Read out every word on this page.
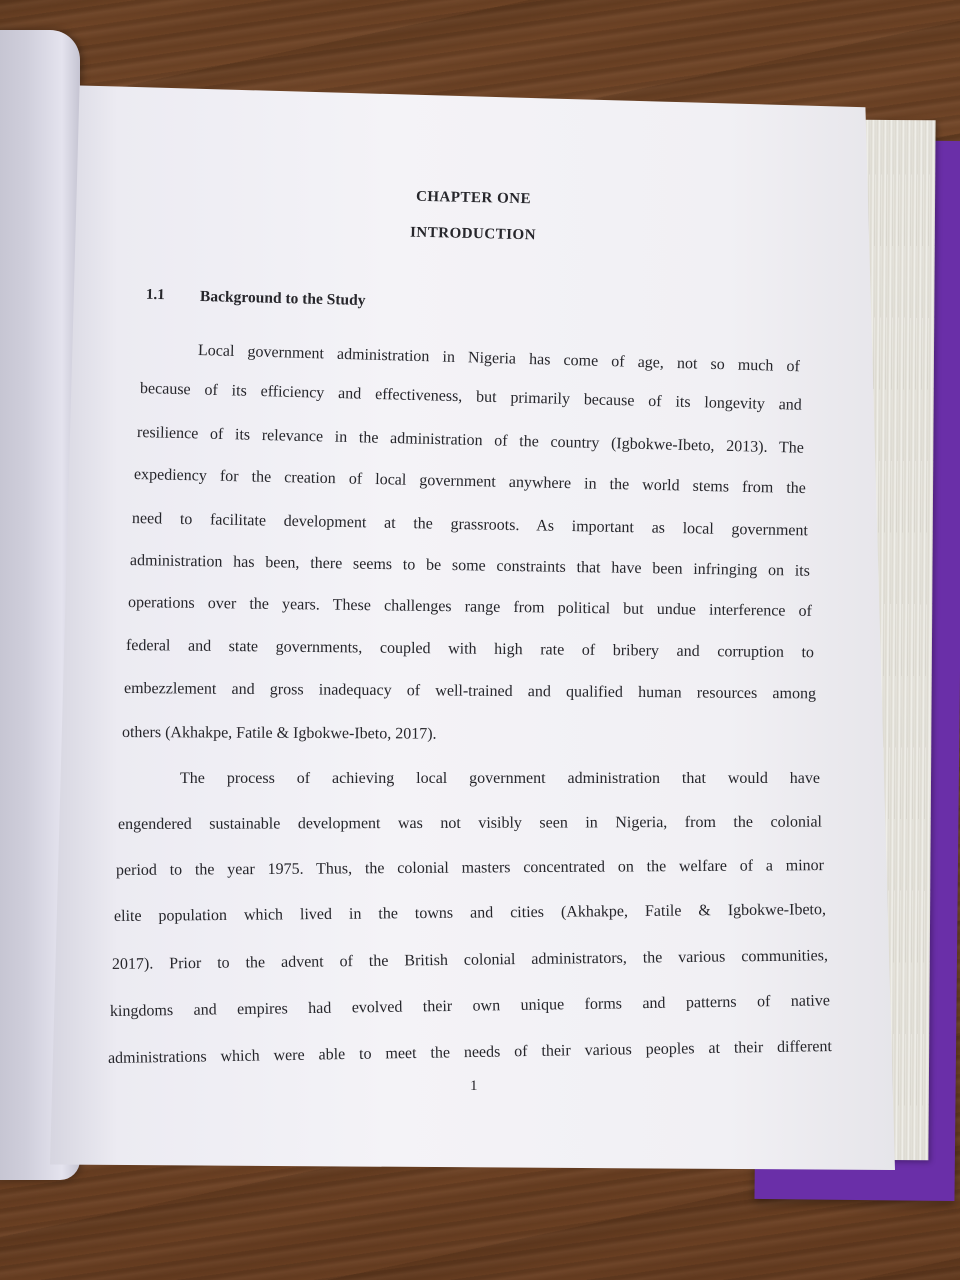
CHAPTER ONE
INTRODUCTION
1.1 Background to the Study
Local government administration in Nigeria has come of age, not so much of
because of its efficiency and effectiveness, but primarily because of its longevity and
resilience of its relevance in the administration of the country (Igbokwe-Ibeto, 2013). The
expediency for the creation of local government anywhere in the world stems from the
need to facilitate development at the grassroots. As important as local government
administration has been, there seems to be some constraints that have been infringing on its
operations over the years. These challenges range from political but undue interference of
federal and state governments, coupled with high rate of bribery and corruption to
embezzlement and gross inadequacy of well-trained and qualified human resources among
others (Akhakpe, Fatile & Igbokwe-Ibeto, 2017).
The process of achieving local government administration that would have
engendered sustainable development was not visibly seen in Nigeria, from the colonial
period to the year 1975. Thus, the colonial masters concentrated on the welfare of a minor
elite population which lived in the towns and cities (Akhakpe, Fatile & Igbokwe-Ibeto,
2017). Prior to the advent of the British colonial administrators, the various communities,
kingdoms and empires had evolved their own unique forms and patterns of native
administrations which were able to meet the needs of their various peoples at their different
1
